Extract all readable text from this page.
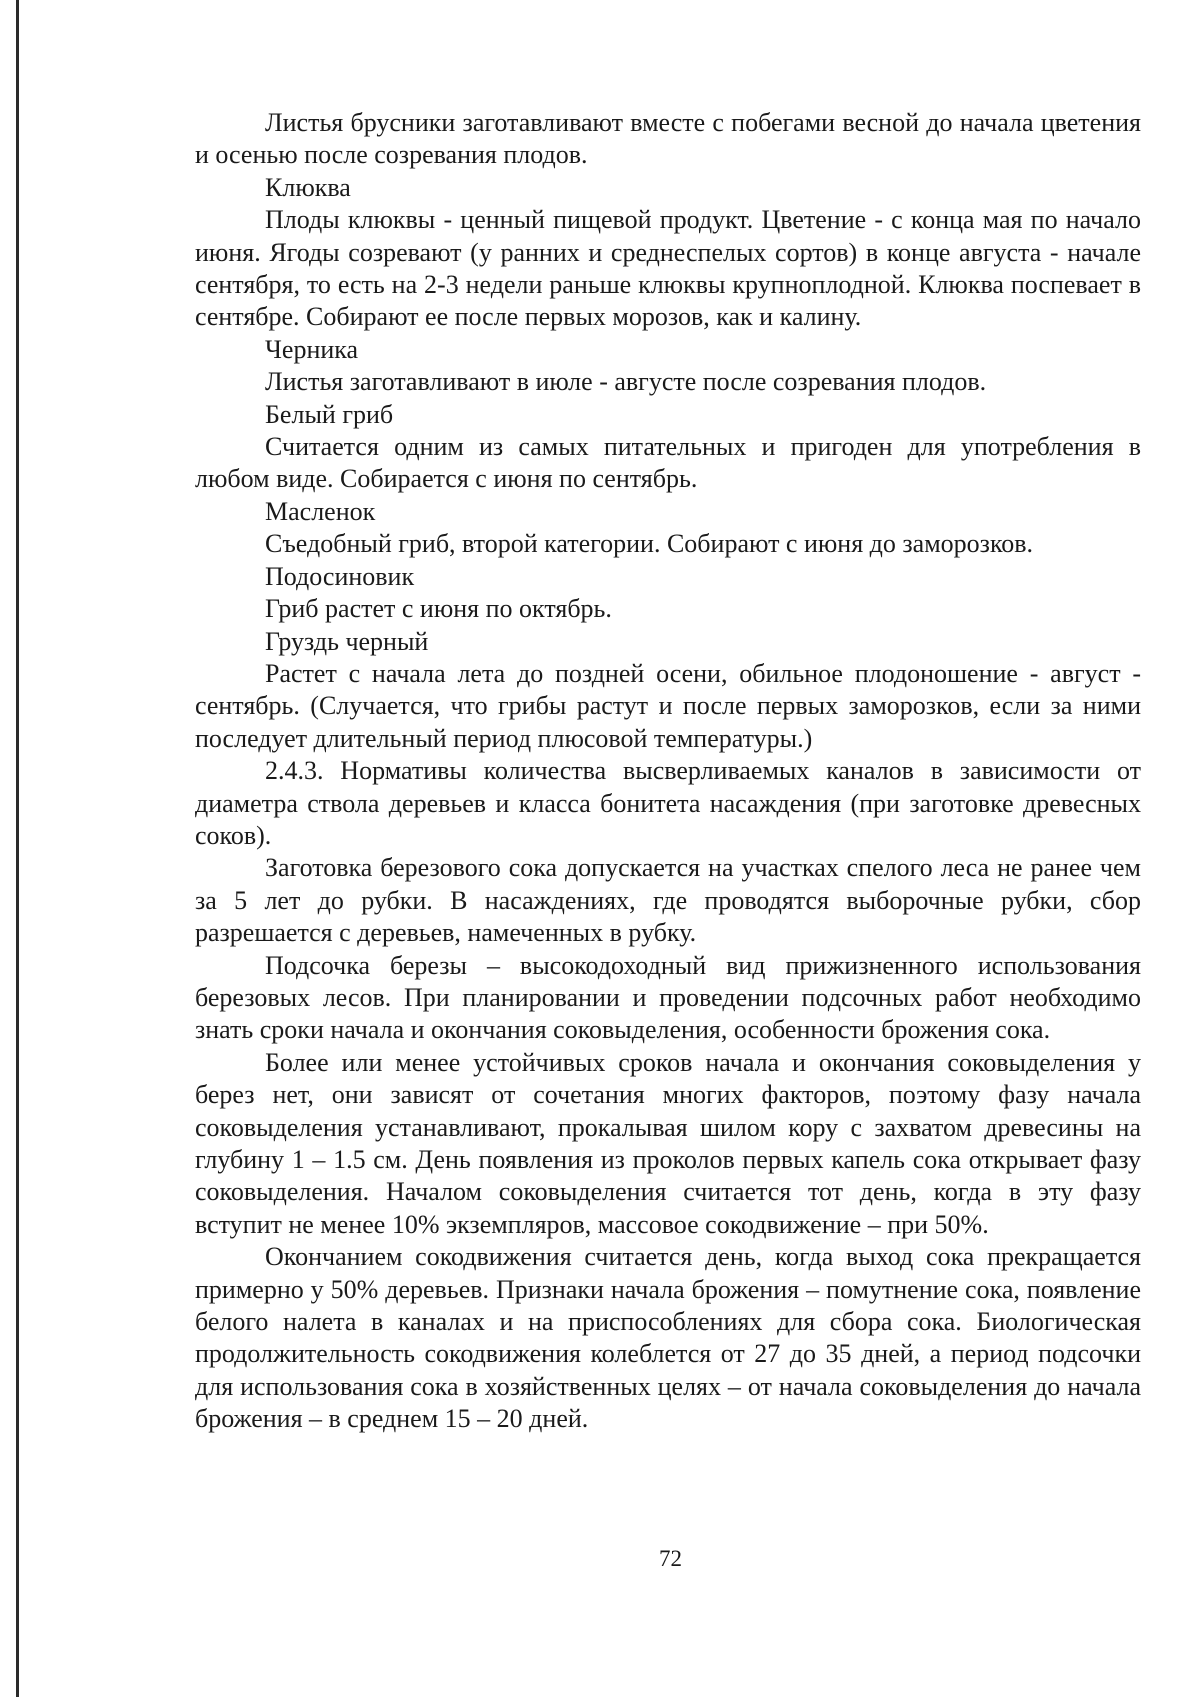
Листья брусники заготавливают вместе с побегами весной до начала цветения и осенью после созревания плодов.

Клюква

Плоды клюквы - ценный пищевой продукт. Цветение - с конца мая по начало июня. Ягоды созревают (у ранних и среднеспелых сортов) в конце августа - начале сентября, то есть на 2-3 недели раньше клюквы крупноплодной. Клюква поспевает в сентябре. Собирают ее после первых морозов, как и калину.

Черника

Листья заготавливают в июле - августе после созревания плодов.

Белый гриб

Считается одним из самых питательных и пригоден для употребления в любом виде. Собирается с июня по сентябрь.

Масленок

Съедобный гриб, второй категории. Собирают с июня до заморозков.

Подосиновик

Гриб растет с июня по октябрь.

Груздь черный

Растет с начала лета до поздней осени, обильное плодоношение - август - сентябрь. (Случается, что грибы растут и после первых заморозков, если за ними последует длительный период плюсовой температуры.)

2.4.3. Нормативы количества высверливаемых каналов в зависимости от диаметра ствола деревьев и класса бонитета насаждения (при заготовке древесных соков).

Заготовка березового сока допускается на участках спелого леса не ранее чем за 5 лет до рубки. В насаждениях, где проводятся выборочные рубки, сбор разрешается с деревьев, намеченных в рубку.

Подсочка березы – высокодоходный вид прижизненного использования березовых лесов. При планировании и проведении подсочных работ необходимо знать сроки начала и окончания соковыделения, особенности брожения сока.

Более или менее устойчивых сроков начала и окончания соковыделения у берез нет, они зависят от сочетания многих факторов, поэтому фазу начала соковыделения устанавливают, прокалывая шилом кору с захватом древесины на глубину 1 – 1.5 см. День появления из проколов первых капель сока открывает фазу соковыделения. Началом соковыделения считается тот день, когда в эту фазу вступит не менее 10% экземпляров, массовое сокодвижение – при 50%.

Окончанием сокодвижения считается день, когда выход сока прекращается примерно у 50% деревьев. Признаки начала брожения – помутнение сока, появление белого налета в каналах и на приспособлениях для сбора сока. Биологическая продолжительность сокодвижения колеблется от 27 до 35 дней, а период подсочки для использования сока в хозяйственных целях – от начала соковыделения до начала брожения – в среднем 15 – 20 дней.

72
